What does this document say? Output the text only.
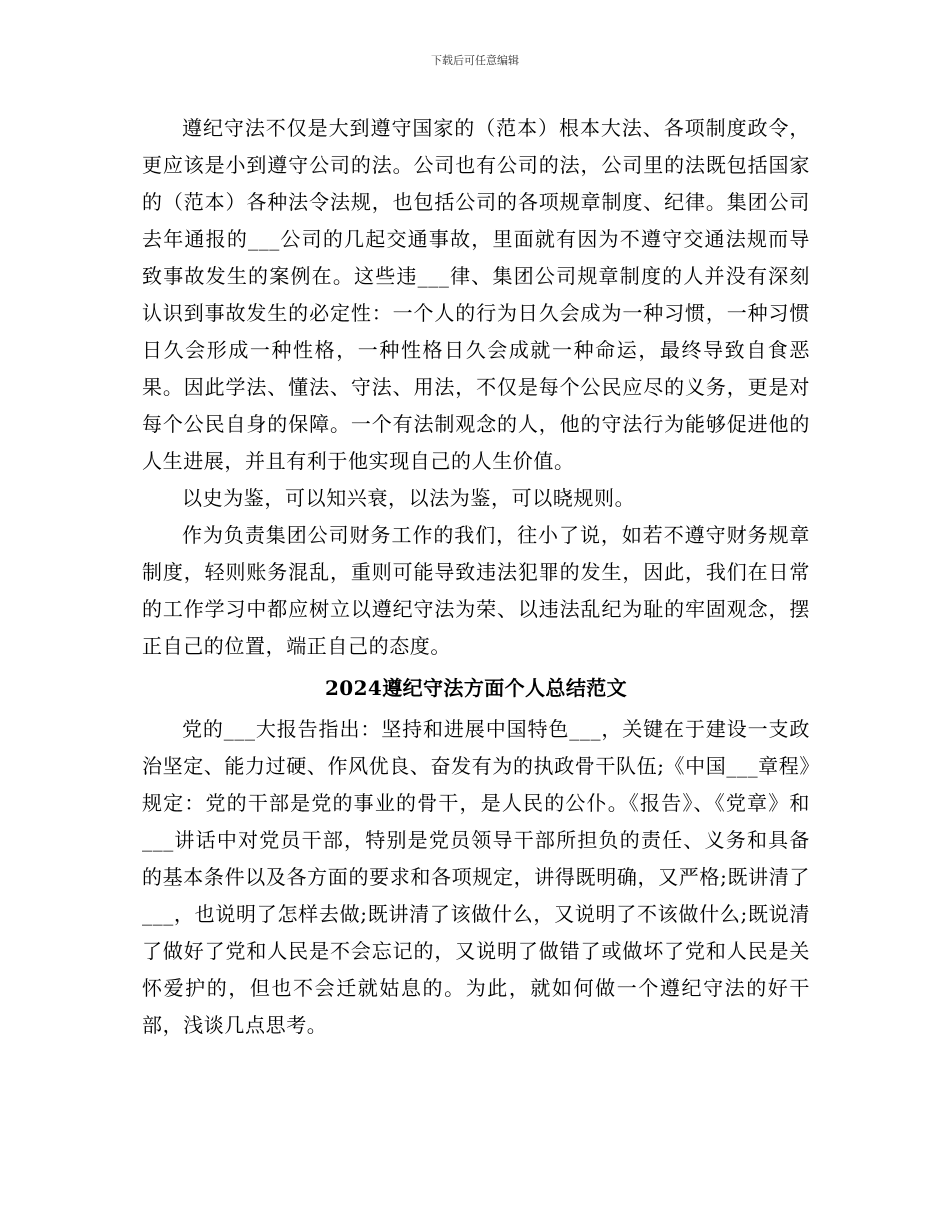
下载后可任意编辑

遵纪守法不仅是大到遵守国家的（范本）根本大法、各项制度政令，更应该是小到遵守公司的法。公司也有公司的法，公司里的法既包括国家的（范本）各种法令法规，也包括公司的各项规章制度、纪律。集团公司去年通报的___公司的几起交通事故，里面就有因为不遵守交通法规而导致事故发生的案例在。这些违___律、集团公司规章制度的人并没有深刻认识到事故发生的必定性：一个人的行为日久会成为一种习惯，一种习惯日久会形成一种性格，一种性格日久会成就一种命运，最终导致自食恶果。因此学法、懂法、守法、用法，不仅是每个公民应尽的义务，更是对每个公民自身的保障。一个有法制观念的人，他的守法行为能够促进他的人生进展，并且有利于他实现自己的人生价值。

以史为鉴，可以知兴衰，以法为鉴，可以晓规则。

作为负责集团公司财务工作的我们，往小了说，如若不遵守财务规章制度，轻则账务混乱，重则可能导致违法犯罪的发生，因此，我们在日常的工作学习中都应树立以遵纪守法为荣、以违法乱纪为耻的牢固观念，摆正自己的位置，端正自己的态度。

2024遵纪守法方面个人总结范文

党的___大报告指出：坚持和进展中国特色___，关键在于建设一支政治坚定、能力过硬、作风优良、奋发有为的执政骨干队伍;《中国___章程》规定：党的干部是党的事业的骨干，是人民的公仆。《报告》、《党章》和___讲话中对党员干部，特别是党员领导干部所担负的责任、义务和具备的基本条件以及各方面的要求和各项规定，讲得既明确，又严格;既讲清了___，也说明了怎样去做;既讲清了该做什么，又说明了不该做什么;既说清了做好了党和人民是不会忘记的，又说明了做错了或做坏了党和人民是关怀爱护的，但也不会迁就姑息的。为此，就如何做一个遵纪守法的好干部，浅谈几点思考。
